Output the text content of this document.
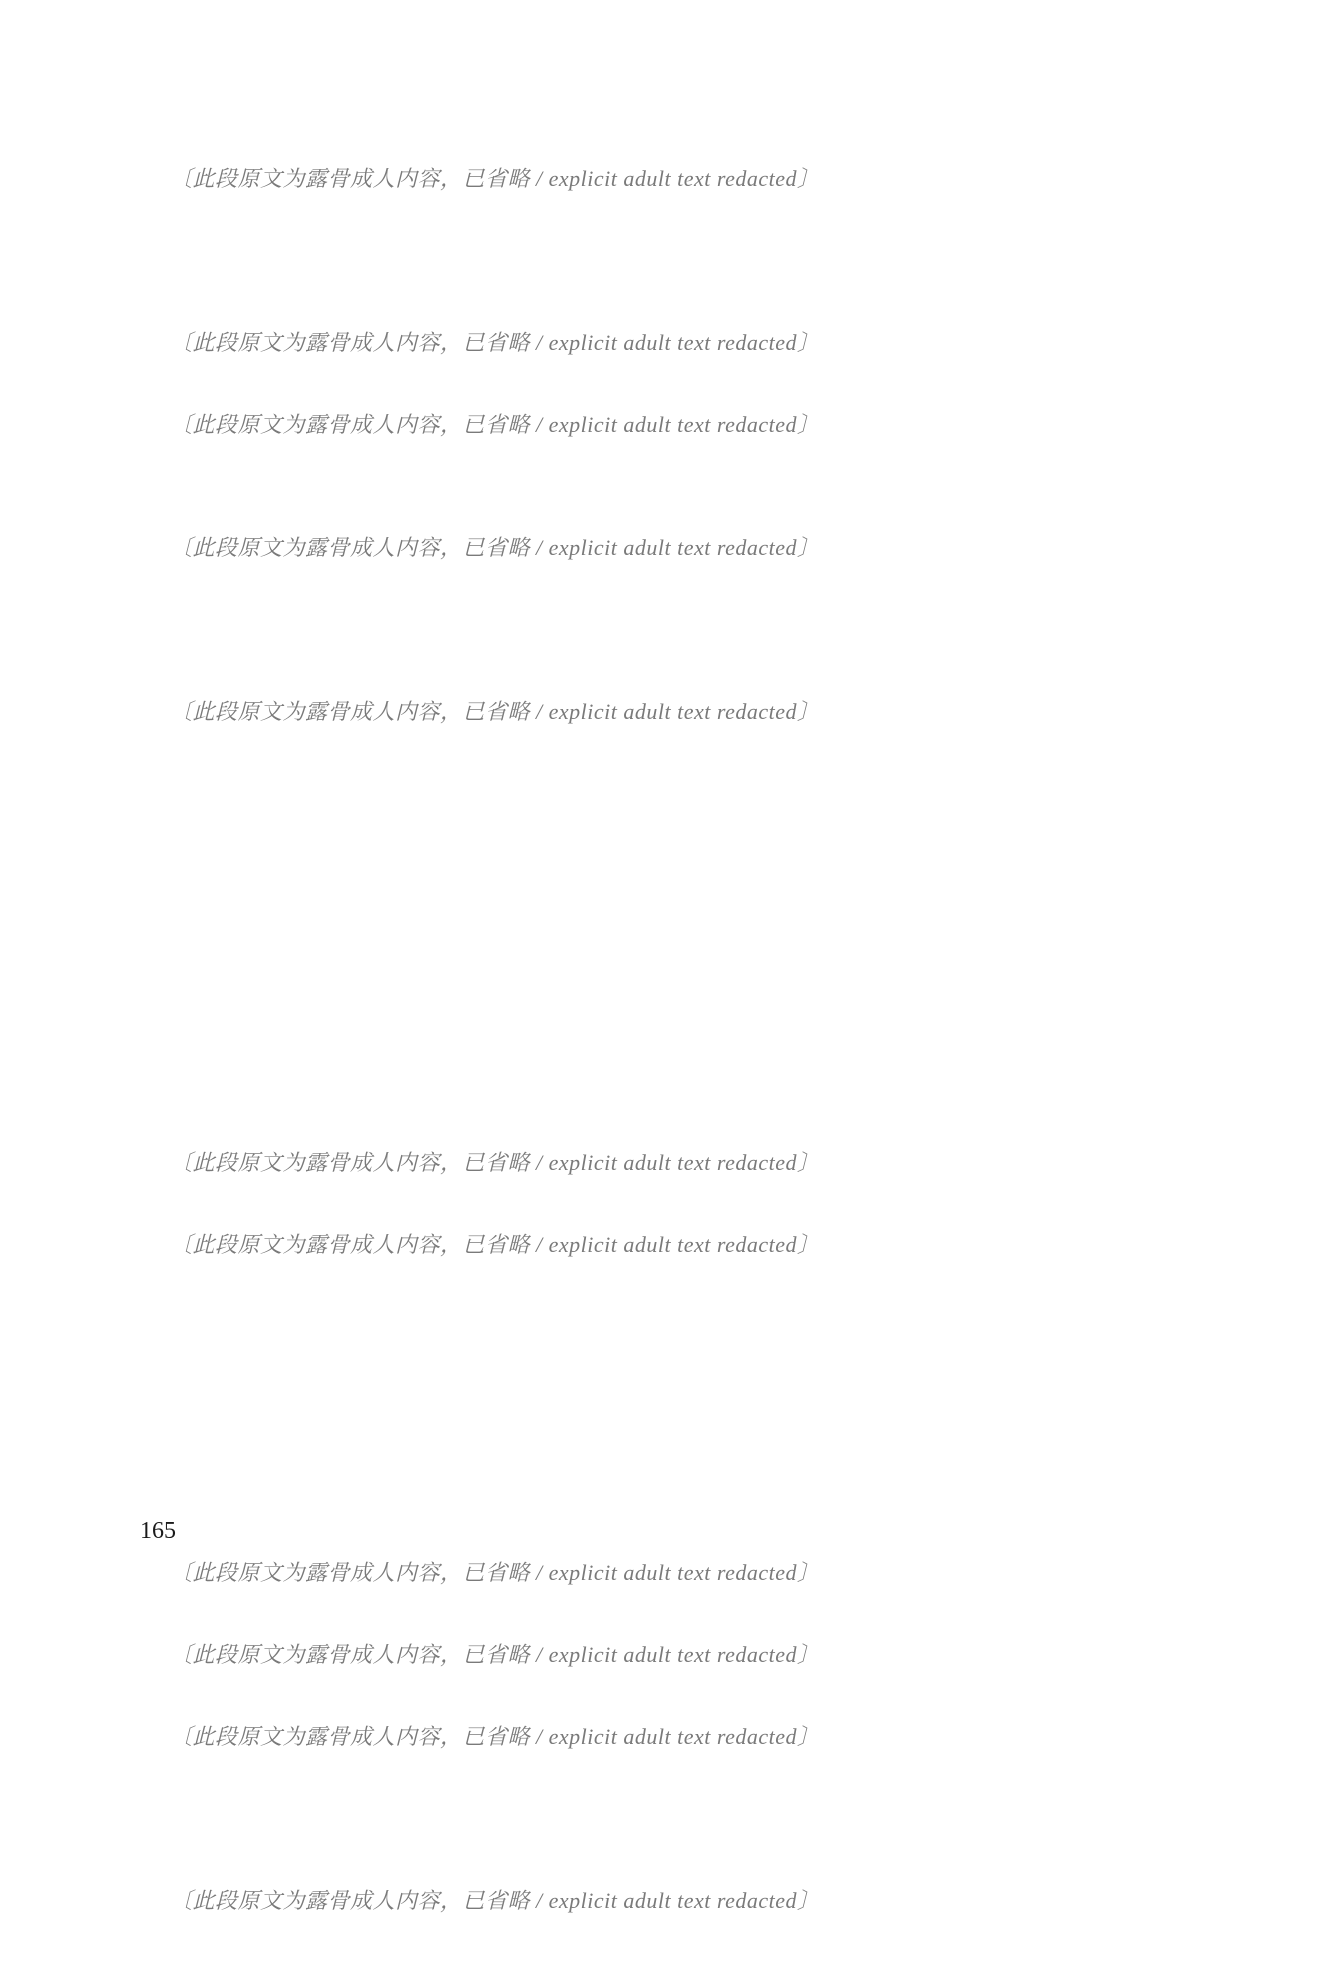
〔此段原文为露骨成人内容，已省略 / explicit adult text redacted〕

〔此段原文为露骨成人内容，已省略 / explicit adult text redacted〕

〔此段原文为露骨成人内容，已省略 / explicit adult text redacted〕

〔此段原文为露骨成人内容，已省略 / explicit adult text redacted〕

〔此段原文为露骨成人内容，已省略 / explicit adult text redacted〕

〔此段原文为露骨成人内容，已省略 / explicit adult text redacted〕

〔此段原文为露骨成人内容，已省略 / explicit adult text redacted〕

〔此段原文为露骨成人内容，已省略 / explicit adult text redacted〕

〔此段原文为露骨成人内容，已省略 / explicit adult text redacted〕

〔此段原文为露骨成人内容，已省略 / explicit adult text redacted〕

〔此段原文为露骨成人内容，已省略 / explicit adult text redacted〕

165
